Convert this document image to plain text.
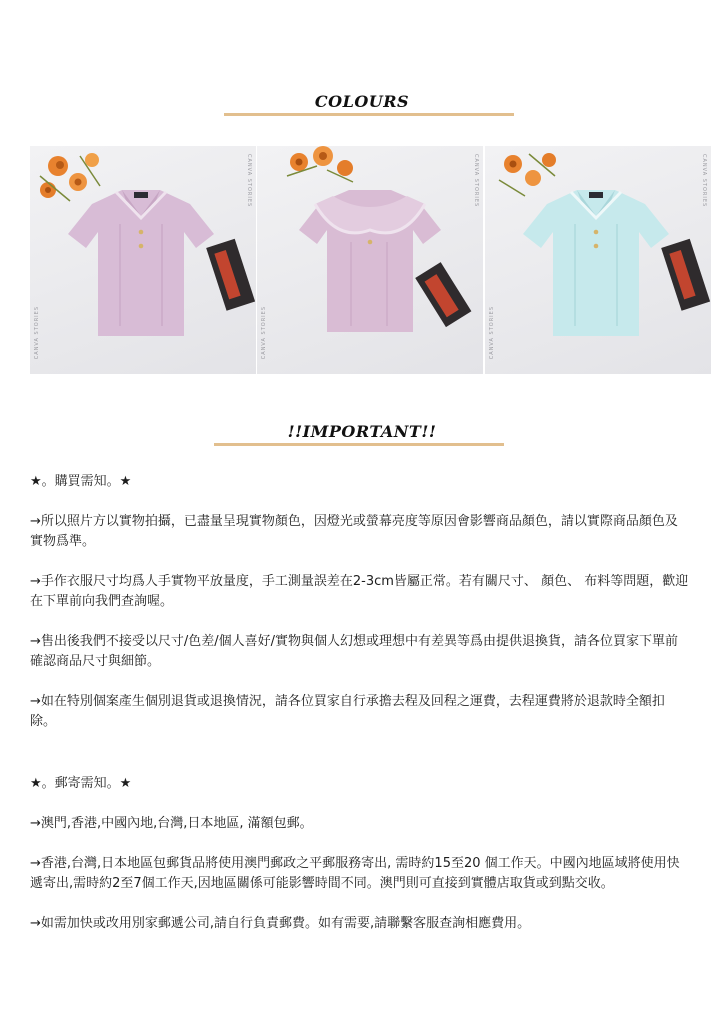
COLOURS
CANVA STORIES
CANVA STORIES
CANVA STORIES
CANVA STORIES
CANVA STORIES
CANVA STORIES
!!IMPORTANT!!

★。購買需知。★

→所以照片方以實物拍攝，已盡量呈現實物顏色，因燈光或螢幕亮度等原因會影響商品顏色，請以實際商品顏色及實物爲準。

→手作衣服尺寸均爲人手實物平放量度，手工測量誤差在2-3cm皆屬正常。若有關尺寸、 顏色、 布料等問題，歡迎在下單前向我們查詢喔。

→售出後我們不接受以尺寸/色差/個人喜好/實物與個人幻想或理想中有差異等爲由提供退換貨，請各位買家下單前確認商品尺寸與細節。

→如在特別個案產生個別退貨或退換情況，請各位買家自行承擔去程及回程之運費，去程運費將於退款時全額扣除。

★。郵寄需知。★

→澳門,香港,中國內地,台灣,日本地區, 滿額包郵。

→香港,台灣,日本地區包郵貨品將使用澳門郵政之平郵服務寄出, 需時約15至20 個工作天。中國內地區域將使用快遞寄出,需時約2至7個工作天,因地區關係可能影響時間不同。澳門則可直接到實體店取貨或到點交收。

→如需加快或改用別家郵遞公司,請自行負責郵費。如有需要,請聯繫客服查詢相應費用。
